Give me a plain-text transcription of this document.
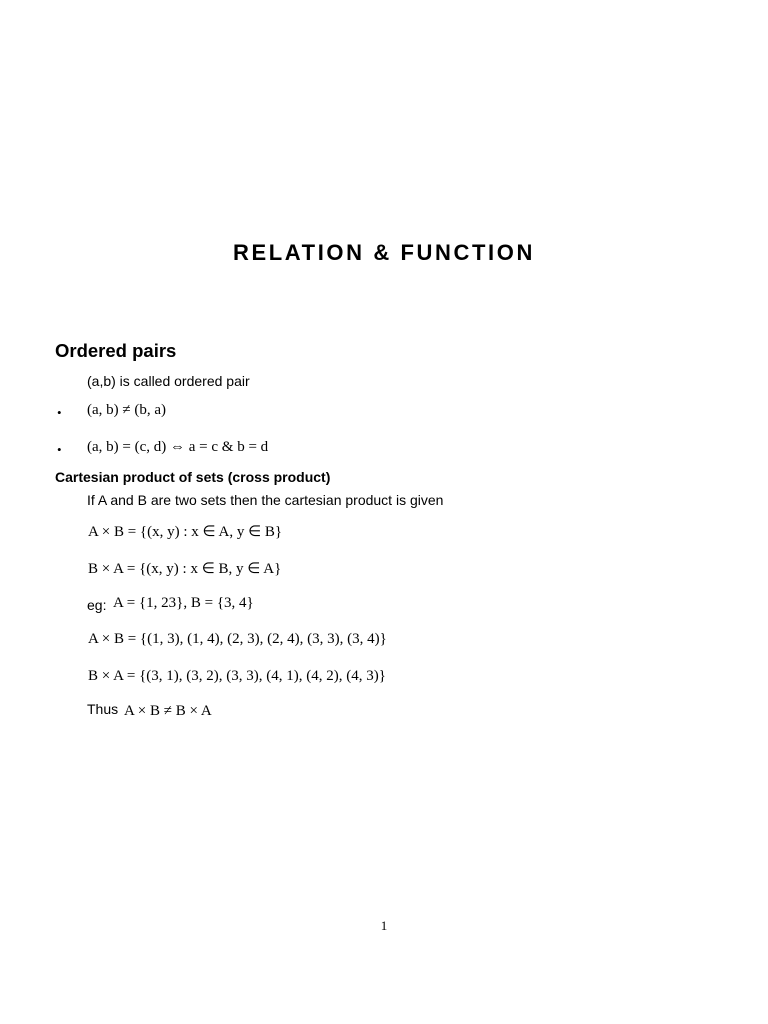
RELATION & FUNCTION
Ordered pairs
(a,b) is called ordered pair
• (a, b) ≠ (b, a)
• (a, b) = (c, d) ⇔ a = c & b = d
Cartesian product of sets (cross product)
If A and B are two sets then the cartesian product is given
A × B = {(x, y) : x ∈ A, y ∈ B}
B × A = {(x, y) : x ∈ B, y ∈ A}
eg: A = {1, 23}, B = {3, 4}
A × B = {(1, 3), (1, 4), (2, 3), (2, 4), (3, 3), (3, 4)}
B × A = {(3, 1), (3, 2), (3, 3), (4, 1), (4, 2), (4, 3)}
Thus A × B ≠ B × A
1
